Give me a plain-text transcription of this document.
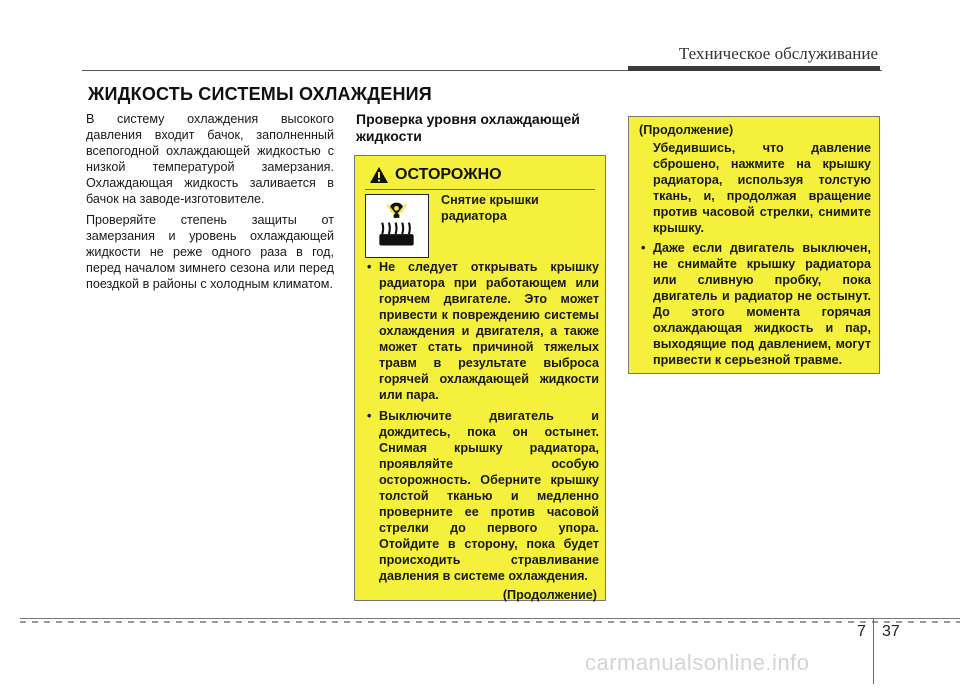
Техническое обслуживание
ЖИДКОСТЬ СИСТЕМЫ ОХЛАЖДЕНИЯ

В систему охлаждения высокого давления входит бачок, заполненный всепогодной охлаждающей жидкостью с низкой температурой замерзания. Охлаждающая жидкость заливается в бачок на заводе-изготовителе.

Проверяйте степень защиты от замерзания и уровень охлаждающей жидкости не реже одного раза в год, перед началом зимнего сезона или перед поездкой в районы с холодным климатом.

Проверка уровня охлаждающей жидкости
ОСТОРОЖНО
Снятие крышки радиатора
• Не следует открывать крышку радиатора при работающем или горячем двигателе. Это может привести к повреждению системы охлаждения и двигателя, а также может стать причиной тяжелых травм в результате выброса горячей охлаждающей жидкости или пара.
• Выключите двигатель и дождитесь, пока он остынет. Снимая крышку радиатора, проявляйте особую осторожность. Оберните крышку толстой тканью и медленно проверните ее против часовой стрелки до первого упора. Отойдите в сторону, пока будет происходить стравливание давления в системе охлаждения.
(Продолжение)
(Продолжение)
Убедившись, что давление сброшено, нажмите на крышку радиатора, используя толстую ткань, и, продолжая вращение против часовой стрелки, снимите крышку.
• Даже если двигатель выключен, не снимайте крышку радиатора или сливную пробку, пока двигатель и радиатор не остынут. До этого момента горячая охлаждающая жидкость и пар, выходящие под давлением, могут привести к серьезной травме.
7 37
carmanualsonline.info
